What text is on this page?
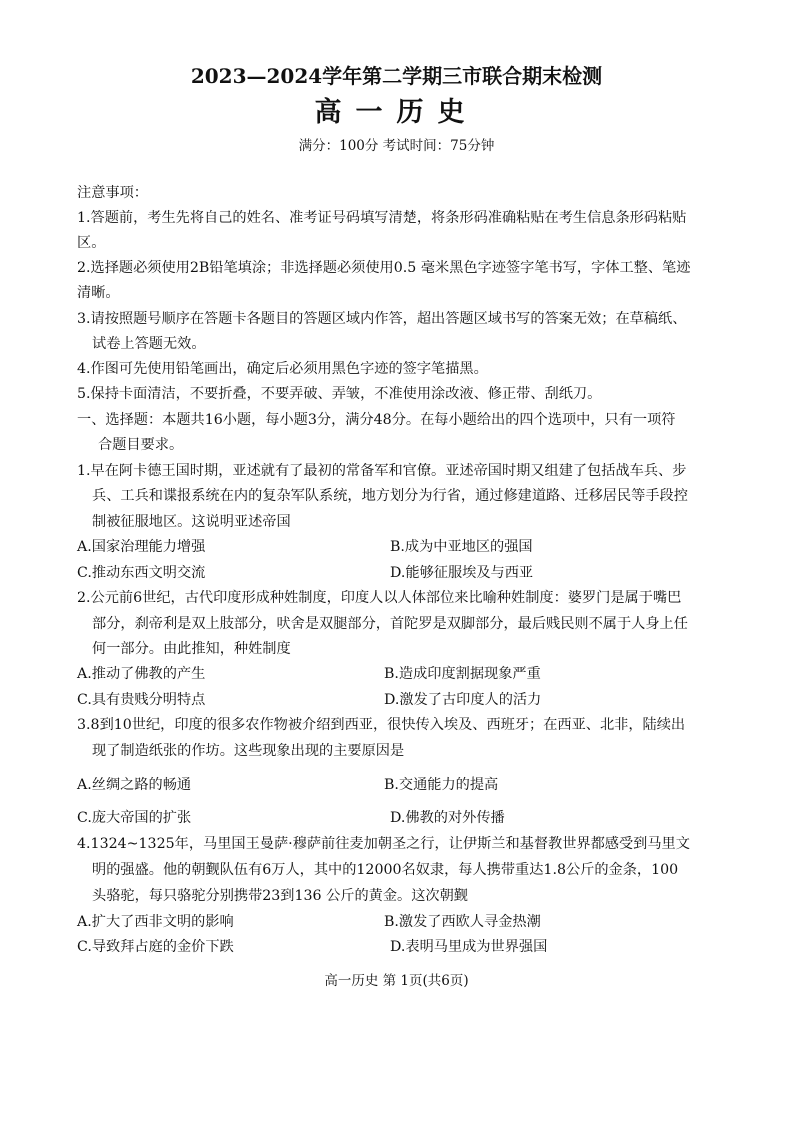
2023—2024学年第二学期三市联合期末检测
高一历史
满分：100分 考试时间：75分钟
注意事项：
1.答题前，考生先将自己的姓名、准考证号码填写清楚，将条形码准确粘贴在考生信息条形码粘贴
区。
2.选择题必须使用2B铅笔填涂；非选择题必须使用0.5 毫米黑色字迹签字笔书写，字体工整、笔迹
清晰。
3.请按照题号顺序在答题卡各题目的答题区域内作答，超出答题区域书写的答案无效；在草稿纸、
试卷上答题无效。
4.作图可先使用铅笔画出，确定后必须用黑色字迹的签字笔描黑。
5.保持卡面清洁，不要折叠，不要弄破、弄皱，不准使用涂改液、修正带、刮纸刀。
一、选择题：本题共16小题，每小题3分，满分48分。在每小题给出的四个选项中，只有一项符
合题目要求。
1.早在阿卡德王国时期，亚述就有了最初的常备军和官僚。亚述帝国时期又组建了包括战车兵、步
兵、工兵和谍报系统在内的复杂军队系统，地方划分为行省，通过修建道路、迁移居民等手段控
制被征服地区。这说明亚述帝国
A.国家治理能力增强	B.成为中亚地区的强国
C.推动东西文明交流	D.能够征服埃及与西亚
2.公元前6世纪，古代印度形成种姓制度，印度人以人体部位来比喻种姓制度：婆罗门是属于嘴巴
部分，刹帝利是双上肢部分，吠舍是双腿部分，首陀罗是双脚部分，最后贱民则不属于人身上任
何一部分。由此推知，种姓制度
A.推动了佛教的产生	B.造成印度割据现象严重
C.具有贵贱分明特点	D.激发了古印度人的活力
3.8到10世纪，印度的很多农作物被介绍到西亚，很快传入埃及、西班牙；在西亚、北非，陆续出
现了制造纸张的作坊。这些现象出现的主要原因是
A.丝绸之路的畅通	B.交通能力的提高
C.庞大帝国的扩张	D.佛教的对外传播
4.1324~1325年，马里国王曼萨·穆萨前往麦加朝圣之行，让伊斯兰和基督教世界都感受到马里文
明的强盛。他的朝觐队伍有6万人，其中的12000名奴隶，每人携带重达1.8公斤的金条，100
头骆驼，每只骆驼分别携带23到136 公斤的黄金。这次朝觐
A.扩大了西非文明的影响	B.激发了西欧人寻金热潮
C.导致拜占庭的金价下跌	D.表明马里成为世界强国
高一历史 第 1页(共6页)
